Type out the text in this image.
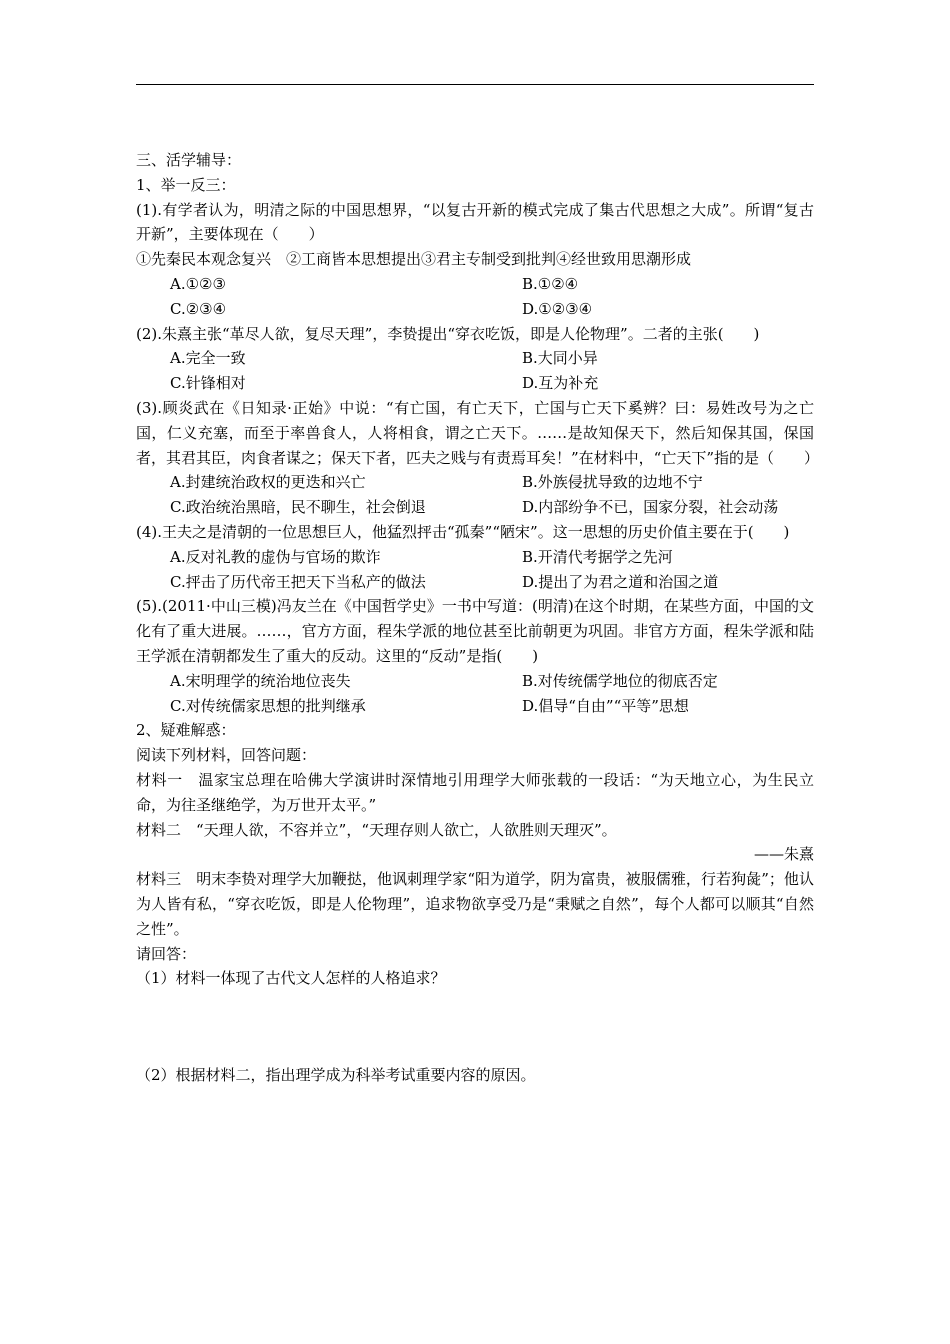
三、活学辅导：
1、举一反三：
(1).有学者认为，明清之际的中国思想界，“以复古开新的模式完成了集古代思想之大成”。所谓“复古开新”，主要体现在（　　）
①先秦民本观念复兴　②工商皆本思想提出③君主专制受到批判④经世致用思潮形成
A.①②③	B.①②④
C.②③④	D.①②③④
(2).朱熹主张“革尽人欲，复尽天理”，李贽提出“穿衣吃饭，即是人伦物理”。二者的主张(　　)
A.完全一致	B.大同小异
C.针锋相对	D.互为补充
(3).顾炎武在《日知录·正始》中说：“有亡国，有亡天下，亡国与亡天下奚辨？曰：易姓改号为之亡国，仁义充塞，而至于率兽食人，人将相食，谓之亡天下。……是故知保天下，然后知保其国，保国者，其君其臣，肉食者谋之；保天下者，匹夫之贱与有责焉耳矣！”在材料中，“亡天下”指的是（　　）
A.封建统治政权的更迭和兴亡	B.外族侵扰导致的边地不宁
C.政治统治黑暗，民不聊生，社会倒退	D.内部纷争不已，国家分裂，社会动荡
(4).王夫之是清朝的一位思想巨人，他猛烈抨击“孤秦”“陋宋”。这一思想的历史价值主要在于(　　)
A.反对礼教的虚伪与官场的欺诈	B.开清代考据学之先河
C.抨击了历代帝王把天下当私产的做法	D.提出了为君之道和治国之道
(5).(2011·中山三模)冯友兰在《中国哲学史》一书中写道：(明清)在这个时期，在某些方面，中国的文化有了重大进展。……，官方方面，程朱学派的地位甚至比前朝更为巩固。非官方方面，程朱学派和陆王学派在清朝都发生了重大的反动。这里的“反动”是指(　　)
A.宋明理学的统治地位丧失	B.对传统儒学地位的彻底否定
C.对传统儒家思想的批判继承	D.倡导“自由”“平等”思想
2、疑难解惑：
阅读下列材料，回答问题：
材料一　温家宝总理在哈佛大学演讲时深情地引用理学大师张载的一段话：“为天地立心，为生民立命，为往圣继绝学，为万世开太平。”
材料二　“天理人欲，不容并立”，“天理存则人欲亡，人欲胜则天理灭”。
——朱熹
材料三　明末李贽对理学大加鞭挞，他讽刺理学家“阳为道学，阴为富贵，被服儒雅，行若狗彘”；他认为人皆有私，“穿衣吃饭，即是人伦物理”，追求物欲享受乃是“秉赋之自然”，每个人都可以顺其“自然之性”。
请回答：
（1）材料一体现了古代文人怎样的人格追求？
（2）根据材料二，指出理学成为科举考试重要内容的原因。
